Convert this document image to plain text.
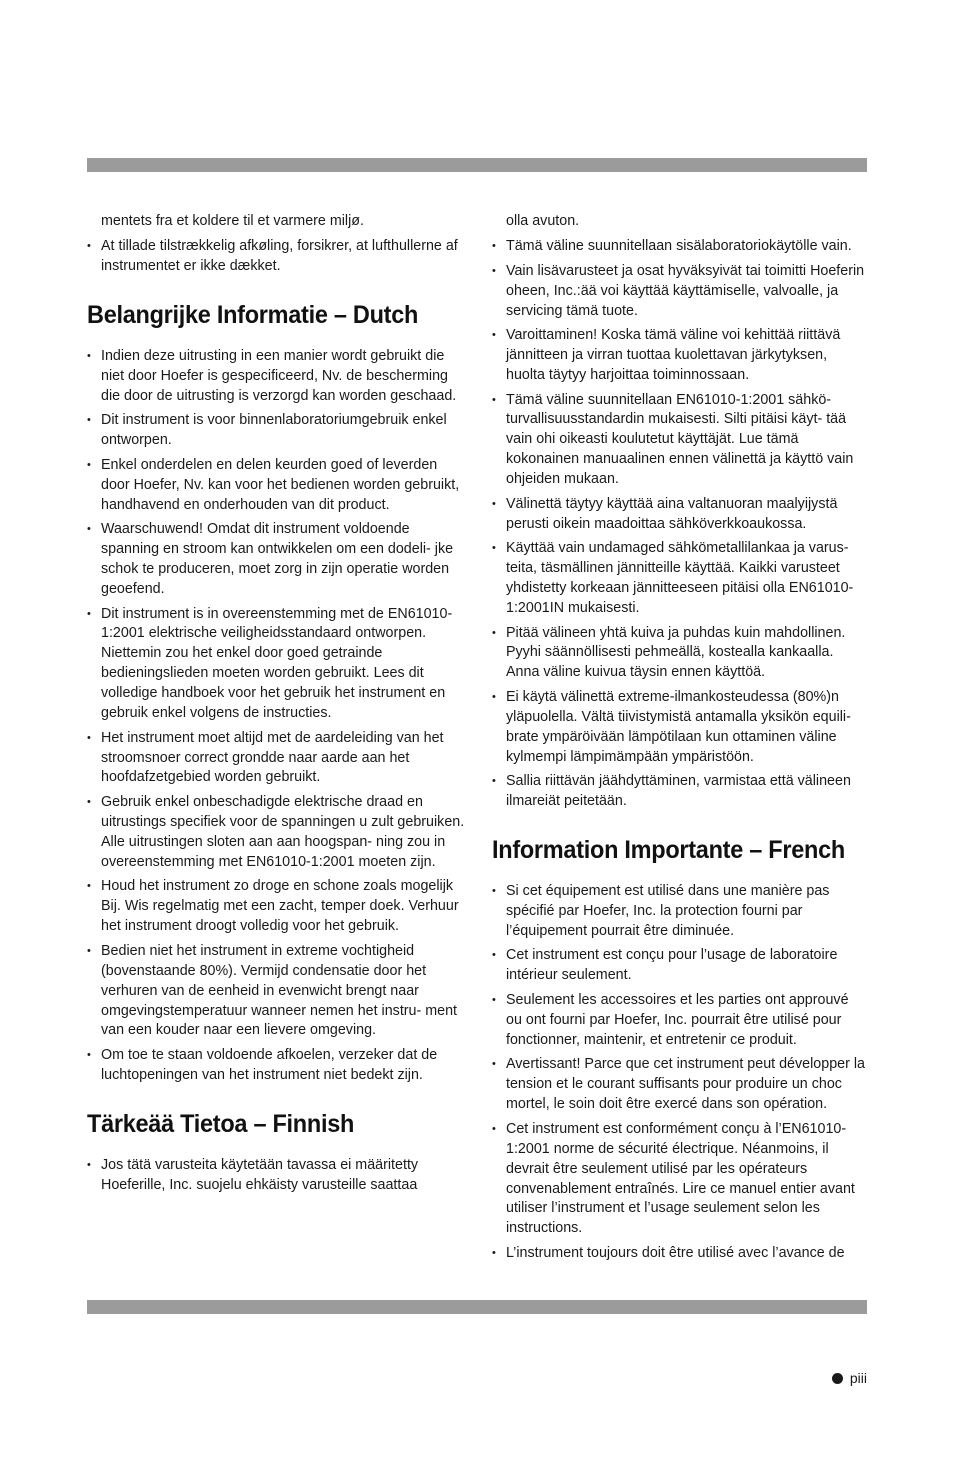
mentets fra et koldere til et varmere miljø.

• At tillade tilstrækkelig afkøling, forsikrer, at lufthullerne af instrumentet er ikke dækket.

Belangrijke Informatie – Dutch

• Indien deze uitrusting in een manier wordt gebruikt die niet door Hoefer is gespecificeerd, Nv. de bescherming die door de uitrusting is verzorgd kan worden geschaad.

• Dit instrument is voor binnenlaboratoriumgebruik enkel ontworpen.

• Enkel onderdelen en delen keurden goed of leverden door Hoefer, Nv. kan voor het bedienen worden gebruikt, handhavend en onderhouden van dit product.

• Waarschuwend! Omdat dit instrument voldoende spanning en stroom kan ontwikkelen om een dodeli- jke schok te produceren, moet zorg in zijn operatie worden geoefend.

• Dit instrument is in overeenstemming met de EN61010-1:2001 elektrische veiligheidsstandaard ontworpen. Niettemin zou het enkel door goed getrainde bedieningslieden moeten worden gebruikt. Lees dit volledige handboek voor het gebruik het instrument en gebruik enkel volgens de instructies.

• Het instrument moet altijd met de aardeleiding van het stroomsnoer correct grondde naar aarde aan het hoofdafzetgebied worden gebruikt.

• Gebruik enkel onbeschadigde elektrische draad en uitrustings specifiek voor de spanningen u zult gebruiken. Alle uitrustingen sloten aan aan hoogspan- ning zou in overeenstemming met EN61010-1:2001 moeten zijn.

• Houd het instrument zo droge en schone zoals mogelijk Bij. Wis regelmatig met een zacht, temper doek. Verhuur het instrument droogt volledig voor het gebruik.

• Bedien niet het instrument in extreme vochtigheid (bovenstaande 80%). Vermijd condensatie door het verhuren van de eenheid in evenwicht brengt naar omgevingstemperatuur wanneer nemen het instru- ment van een kouder naar een lievere omgeving.

• Om toe te staan voldoende afkoelen, verzeker dat de luchtopeningen van het instrument niet bedekt zijn.

Tärkeää Tietoa – Finnish

• Jos tätä varusteita käytetään tavassa ei määritetty Hoeferille, Inc. suojelu ehkäisty varusteille saattaa

olla avuton.

• Tämä väline suunnitellaan sisälaboratoriokäytölle vain.

• Vain lisävarusteet ja osat hyväksyivät tai toimitti Hoeferin oheen, Inc.:ää voi käyttää käyttämiselle, valvoalle, ja servicing tämä tuote.

• Varoittaminen! Koska tämä väline voi kehittää riittävä jännitteen ja virran tuottaa kuolettavan järkytyksen, huolta täytyy harjoittaa toiminnossaan.

• Tämä väline suunnitellaan EN61010-1:2001 sähkö- turvallisuusstandardin mukaisesti. Silti pitäisi käyt- tää vain ohi oikeasti koulutetut käyttäjät. Lue tämä kokonainen manuaalinen ennen välinettä ja käyttö vain ohjeiden mukaan.

• Välinettä täytyy käyttää aina valtanuoran maalyijystä perusti oikein maadoittaa sähköverkkoaukossa.

• Käyttää vain undamaged sähkömetallilankaa ja varus- teita, täsmällinen jännitteille käyttää. Kaikki varusteet yhdistetty korkeaan jännitteeseen pitäisi olla EN61010- 1:2001IN mukaisesti.

• Pitää välineen yhtä kuiva ja puhdas kuin mahdollinen. Pyyhi säännöllisesti pehmeällä, kostealla kankaalla. Anna väline kuivua täysin ennen käyttöä.

• Ei käytä välinettä extreme-ilmankosteudessa (80%)n yläpuolella. Vältä tiivistymistä antamalla yksikön equili- brate ympäröivään lämpötilaan kun ottaminen väline kylmempi lämpimämpään ympäristöön.

• Sallia riittävän jäähdyttäminen, varmistaa että välineen ilmareiät peitetään.

Information Importante – French

• Si cet équipement est utilisé dans une manière pas spécifié par Hoefer, Inc. la protection fourni par l’équipement pourrait être diminuée.

• Cet instrument est conçu pour l’usage de laboratoire intérieur seulement.

• Seulement les accessoires et les parties ont approuvé ou ont fourni par Hoefer, Inc. pourrait être utilisé pour fonctionner, maintenir, et entretenir ce produit.

• Avertissant! Parce que cet instrument peut développer la tension et le courant suffisants pour produire un choc mortel, le soin doit être exercé dans son opération.

• Cet instrument est conformément conçu à l’EN61010- 1:2001 norme de sécurité électrique. Néanmoins, il devrait être seulement utilisé par les opérateurs convenablement entraînés. Lire ce manuel entier avant utiliser l’instrument et l’usage seulement selon les instructions.

• L’instrument toujours doit être utilisé avec l’avance de

piii
